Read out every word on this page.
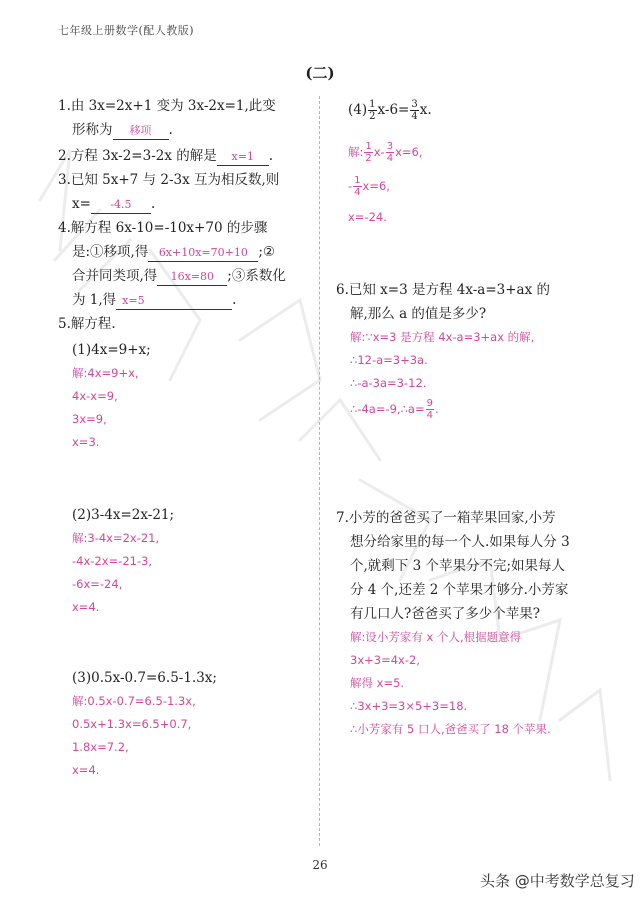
七年级上册数学(配人教版)
(二)
1.由 3x=2x+1 变为 3x-2x=1,此变
形称为 移项 .
2.方程 3x-2=3-2x 的解是 x=1 .
3.已知 5x+7 与 2-3x 互为相反数,则
x= -4.5 .
4.解方程 6x-10=-10x+70 的步骤
是:①移项,得 6x+10x=70+10 ;②
合并同类项,得 16x=80 ;③系数化
为 1,得 x=5	.
5.解方程.
(1)4x=9+x;
解:4x=9+x,
4x-x=9,
3x=9,
x=3.
(2)3-4x=2x-21;
解:3-4x=2x-21,
-4x-2x=-21-3,
-6x=-24,
x=4.
(3)0.5x-0.7=6.5-1.3x;
解:0.5x-0.7=6.5-1.3x,
0.5x+1.3x=6.5+0.7,
1.8x=7.2,
x=4.
$(4) \frac{1}{2} x-6= \frac{3}{4} x$.
解: $\frac{1}{2} x- \frac{3}{4} x=6$,
- $\frac{1}{4} x=6$,
x=-24.
6.已知 x=3 是方程 4x-a=3+ax 的
解,那么 a 的值是多少?
解:∵x=3 是方程 4x-a=3+ax 的解,
∴12-a=3+3a.
∴-a-3a=3-12.
∴-4a=-9,∴a= $\frac{9}{4}$ .
7.小芳的爸爸买了一箱苹果回家,小芳
想分给家里的每一个人.如果每人分 3
个,就剩下 3 个苹果分不完;如果每人
分 4 个,还差 2 个苹果才够分.小芳家
有几口人?爸爸买了多少个苹果?
解:设小芳家有 x 个人,根据题意得
3x+3=4x-2,
解得 x=5.
∴3x+3=3×5+3=18.
∴小芳家有 5 口人,爸爸买了 18 个苹果.
26
头条 @中考数学总复习
